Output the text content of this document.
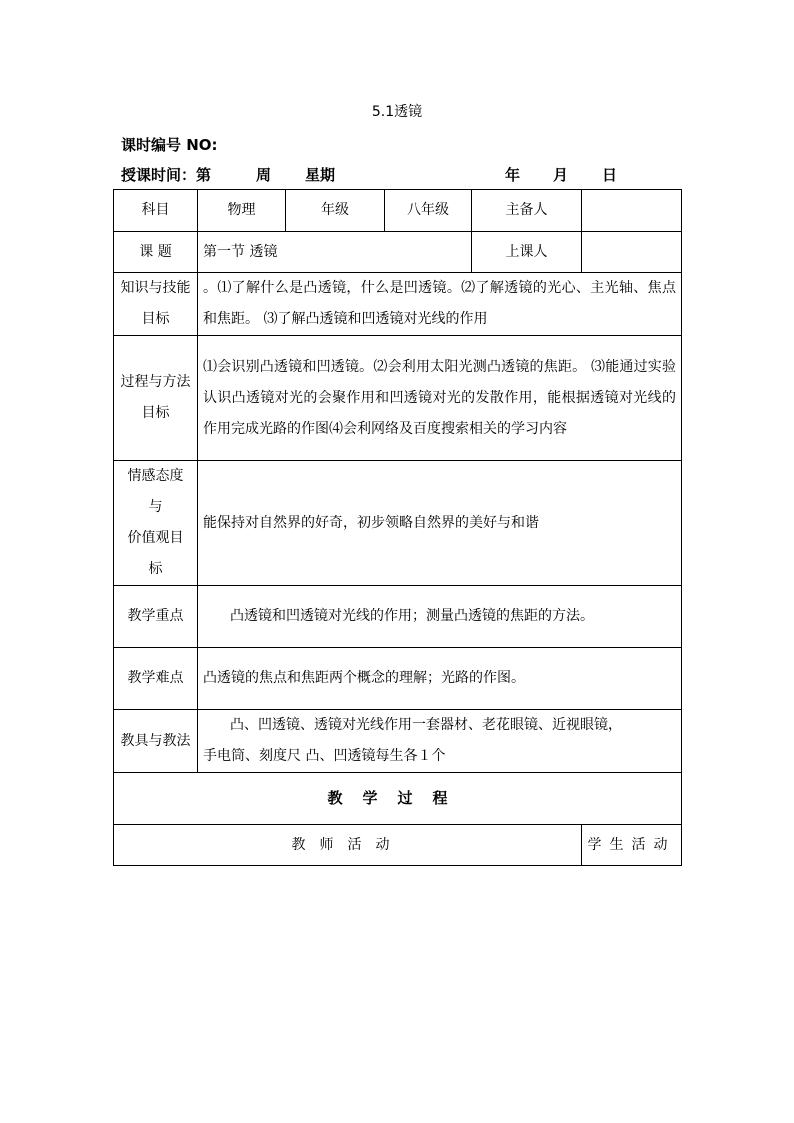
5.1透镜
课时编号 NO:
授课时间：第	周 星期	年 月 日
科目	物理	年级	八年级	主备人	
课 题	第一节 透镜			上课人	
知识与技能目标	。⑴了解什么是凸透镜，什么是凹透镜。⑵了解透镜的光心、主光轴、焦点和焦距。 ⑶了解凸透镜和凹透镜对光线的作用				
过程与方法目标	⑴会识别凸透镜和凹透镜。⑵会利用太阳光测凸透镜的焦距。 ⑶能通过实验认识凸透镜对光的会聚作用和凹透镜对光的发散作用，能根据透镜对光线的作用完成光路的作图⑷会利网络及百度搜索相关的学习内容				

情感态度
与
价值观目
标	能保持对自然界的好奇，初步领略自然界的美好与和谐				
教学重点	凸透镜和凹透镜对光线的作用；测量凸透镜的焦距的方法。				
教学难点	凸透镜的焦点和焦距两个概念的理解；光路的作图。				
教具与教法	凸、凹透镜、透镜对光线作用一套器材、老花眼镜、近视眼镜，
手电筒、刻度尺 凸、凹透镜每生各１个				

教学过程					
教师活动					学生活动
